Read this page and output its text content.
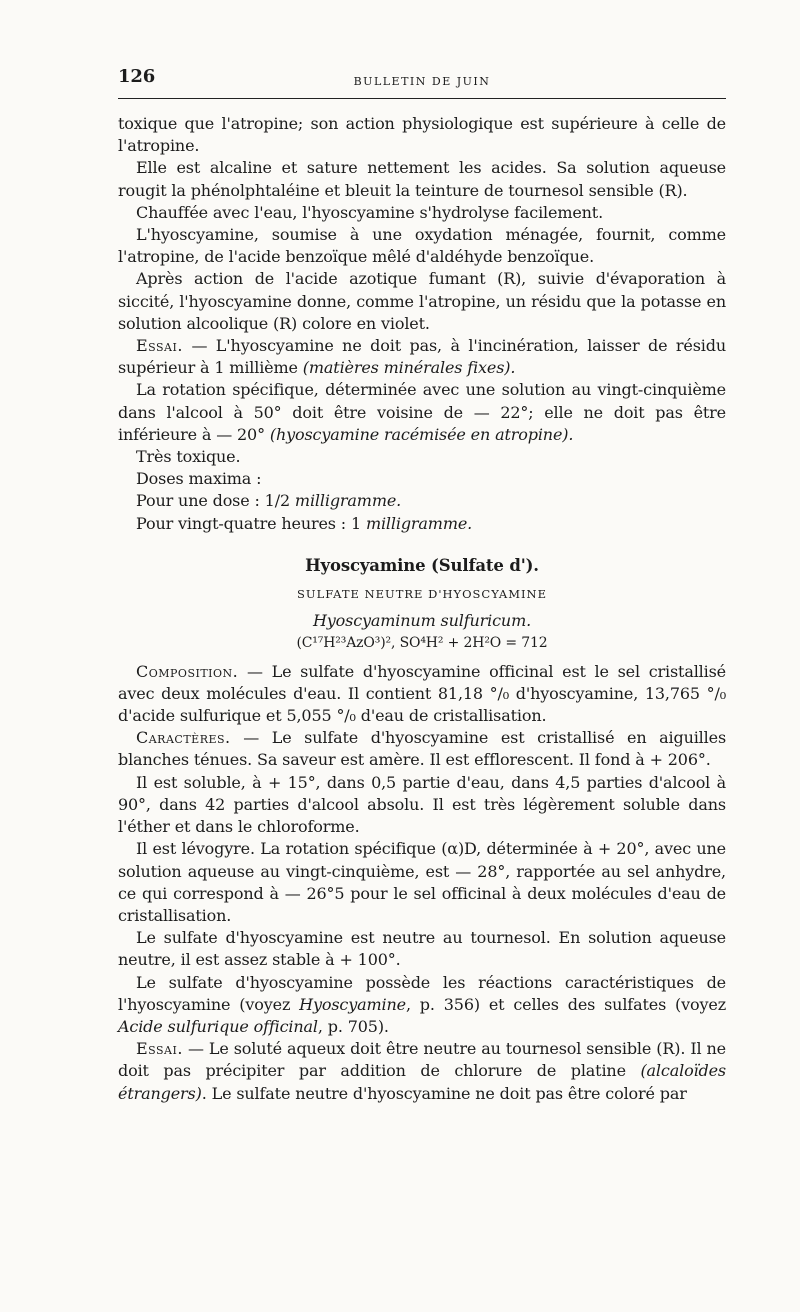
126	BULLETIN DE JUIN

toxique que l'atropine; son action physiologique est supérieure à celle de l'atropine.

Elle est alcaline et sature nettement les acides. Sa solution aqueuse rougit la phénolphtaléine et bleuit la teinture de tournesol sensible (R).

Chauffée avec l'eau, l'hyoscyamine s'hydrolyse facilement.

L'hyoscyamine, soumise à une oxydation ménagée, fournit, comme l'atropine, de l'acide benzoïque mêlé d'aldéhyde benzoïque.

Après action de l'acide azotique fumant (R), suivie d'évaporation à siccité, l'hyoscyamine donne, comme l'atropine, un résidu que la potasse en solution alcoolique (R) colore en violet.

Essai. — L'hyoscyamine ne doit pas, à l'incinération, laisser de résidu supérieur à 1 millième (matières minérales fixes).

La rotation spécifique, déterminée avec une solution au vingt-cinquième dans l'alcool à 50° doit être voisine de — 22°; elle ne doit pas être inférieure à — 20° (hyoscyamine racémisée en atropine).

Très toxique.

Doses maxima :

Pour une dose : 1/2 milligramme.

Pour vingt-quatre heures : 1 milligramme.

Hyoscyamine (Sulfate d').
SULFATE NEUTRE D'HYOSCYAMINE
Hyoscyaminum sulfuricum.
(C¹⁷H²³AzO³)², SO⁴H² + 2H²O = 712

Composition. — Le sulfate d'hyoscyamine officinal est le sel cristallisé avec deux molécules d'eau. Il contient 81,18 °/₀ d'hyoscyamine, 13,765 °/₀ d'acide sulfurique et 5,055 °/₀ d'eau de cristallisation.

Caractères. — Le sulfate d'hyoscyamine est cristallisé en aiguilles blanches ténues. Sa saveur est amère. Il est efflorescent. Il fond à + 206°.

Il est soluble, à + 15°, dans 0,5 partie d'eau, dans 4,5 parties d'alcool à 90°, dans 42 parties d'alcool absolu. Il est très légèrement soluble dans l'éther et dans le chloroforme.

Il est lévogyre. La rotation spécifique (α)D, déterminée à + 20°, avec une solution aqueuse au vingt-cinquième, est — 28°, rapportée au sel anhydre, ce qui correspond à — 26°5 pour le sel officinal à deux molécules d'eau de cristallisation.

Le sulfate d'hyoscyamine est neutre au tournesol. En solution aqueuse neutre, il est assez stable à + 100°.

Le sulfate d'hyoscyamine possède les réactions caractéristiques de l'hyoscyamine (voyez Hyoscyamine, p. 356) et celles des sulfates (voyez Acide sulfurique officinal, p. 705).

Essai. — Le soluté aqueux doit être neutre au tournesol sensible (R). Il ne doit pas précipiter par addition de chlorure de platine (alcaloïdes étrangers). Le sulfate neutre d'hyoscyamine ne doit pas être coloré par
